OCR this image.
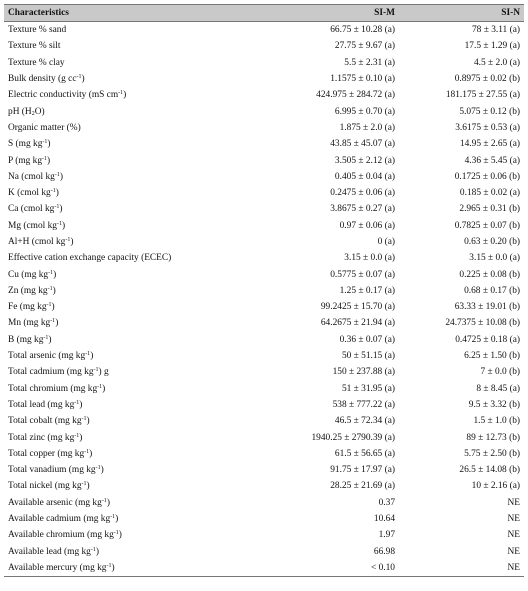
Characteristics	SI-M	SI-N
Texture % sand	66.75 ± 10.28 (a)	78 ± 3.11 (a)
Texture % silt	27.75 ± 9.67 (a)	17.5 ± 1.29 (a)
Texture % clay	5.5 ± 2.31 (a)	4.5 ± 2.0 (a)
Bulk density (g $cc^{-1}$)	1.1575 ± 0.10 (a)	0.8975 ± 0.02 (b)
Electric conductivity (mS $cm^{-1}$)	424.975 ± 284.72 (a)	181.175 ± 27.55 (a)
pH $(H_2O)$	6.995 ± 0.70 (a)	5.075 ± 0.12 (b)
Organic matter (%)	1.875 ± 2.0 (a)	3.6175 ± 0.53 (a)
S (mg $kg^{-1}$)	43.85 ± 45.07 (a)	14.95 ± 2.65 (a)
P (mg $kg^{-1}$)	3.505 ± 2.12 (a)	4.36 ± 5.45 (a)
Na (cmol $kg^{-1}$)	0.405 ± 0.04 (a)	0.1725 ± 0.06 (b)
K (cmol $kg^{-1}$)	0.2475 ± 0.06 (a)	0.185 ± 0.02 (a)
Ca (cmol $kg^{-1}$)	3.8675 ± 0.27 (a)	2.965 ± 0.31 (b)
Mg (cmol $kg^{-1}$)	0.97 ± 0.06 (a)	0.7825 ± 0.07 (b)
Al+H (cmol $kg^{-1}$)	0 (a)	0.63 ± 0.20 (b)
Effective cation exchange capacity (ECEC)	3.15 ± 0.0 (a)	3.15 ± 0.0 (a)
Cu (mg $kg^{-1}$)	0.5775 ± 0.07 (a)	0.225 ± 0.08 (b)
Zn (mg $kg^{-1}$)	1.25 ± 0.17 (a)	0.68 ± 0.17 (b)
Fe (mg $kg^{-1}$)	99.2425 ± 15.70 (a)	63.33 ± 19.01 (b)
Mn (mg $kg^{-1}$)	64.2675 ± 21.94 (a)	24.7375 ± 10.08 (b)
B (mg $kg^{-1}$)	0.36 ± 0.07 (a)	0.4725 ± 0.18 (a)
Total arsenic (mg $kg^{-1}$)	50 ± 51.15 (a)	6.25 ± 1.50 (b)
Total cadmium (mg $kg^{-1}$) g	150 ± 237.88 (a)	7 ± 0.0 (b)
Total chromium (mg $kg^{-1}$)	51 ± 31.95 (a)	8 ± 8.45 (a)
Total lead (mg $kg^{-1}$)	538 ± 777.22 (a)	9.5 ± 3.32 (b)
Total cobalt (mg $kg^{-1}$)	46.5 ± 72.34 (a)	1.5 ± 1.0 (b)
Total zinc (mg $kg^{-1}$)	1940.25 ± 2790.39 (a)	89 ± 12.73 (b)
Total copper (mg $kg^{-1}$)	61.5 ± 56.65 (a)	5.75 ± 2.50 (b)
Total vanadium (mg $kg^{-1}$)	91.75 ± 17.97 (a)	26.5 ± 14.08 (b)
Total nickel (mg $kg^{-1}$)	28.25 ± 21.69 (a)	10 ± 2.16 (a)
Available arsenic (mg $kg^{-1}$)	0.37	NE
Available cadmium (mg $kg^{-1}$)	10.64	NE
Available chromium (mg $kg^{-1}$)	1.97	NE
Available lead (mg $kg^{-1}$)	66.98	NE
Available mercury (mg $kg^{-1}$)	< 0.10	NE
